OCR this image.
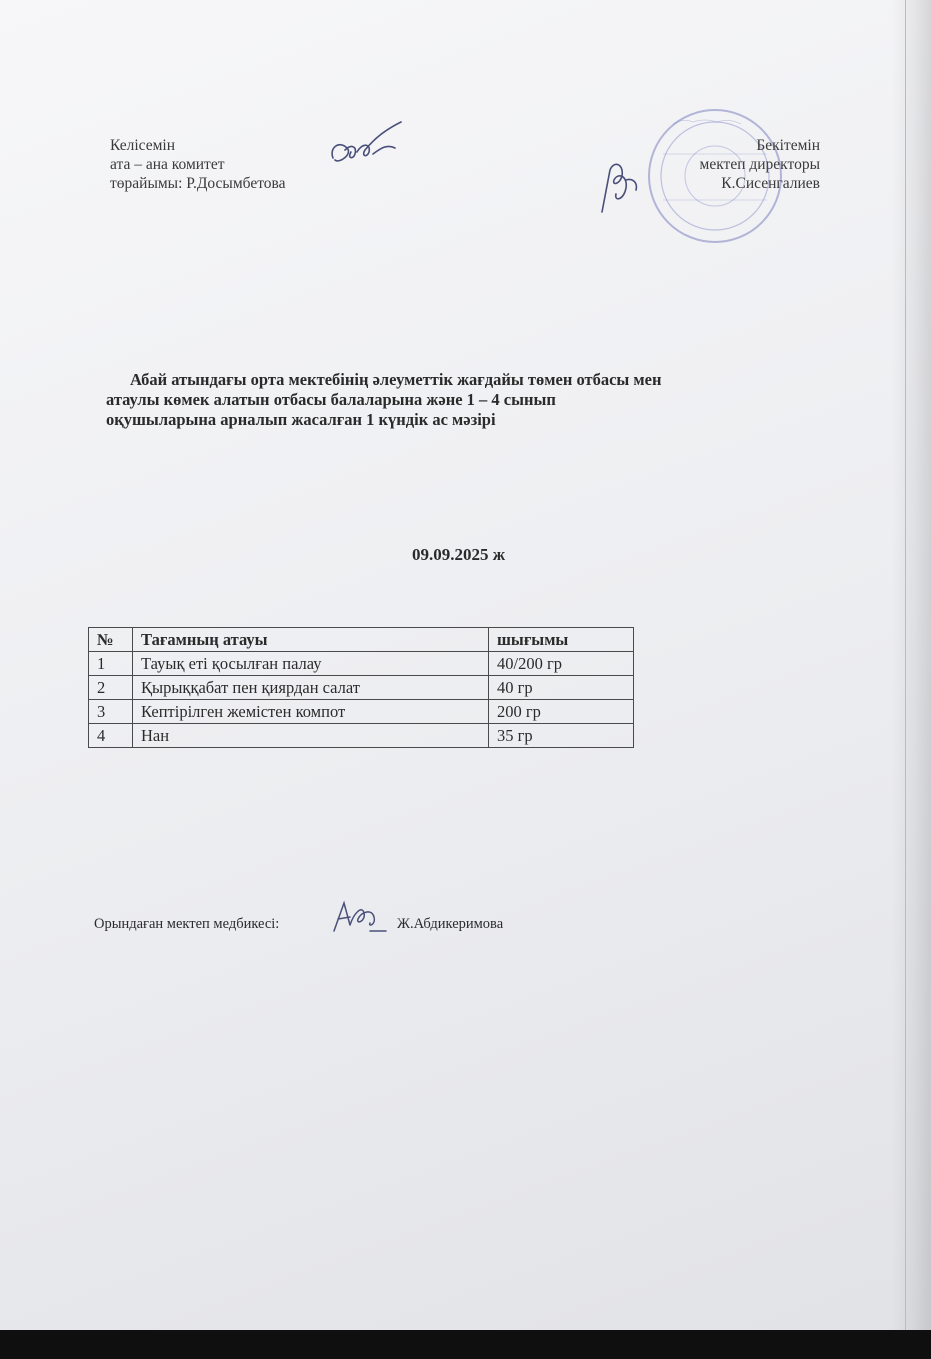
Келісемін
ата – ана комитет
төрайымы: Р.Досымбетова
Бекітемін
мектеп директоры
К.Сисенгалиев
Абай атындағы орта мектебінің әлеуметтік жағдайы төмен отбасы мен
атаулы көмек алатын отбасы балаларына және 1 – 4 сынып
оқушыларына арналып жасалған 1 күндік ас мәзірі
09.09.2025 ж
№	Тағамның атауы	шығымы
1	Тауық еті қосылған палау	40/200 гр
2	Қырыққабат пен қиярдан салат	40 гр
3	Кептірілген жемістен компот	200 гр
4	Нан	35 гр
Орындаған мектеп медбикесі:	Ж.Абдикеримова
